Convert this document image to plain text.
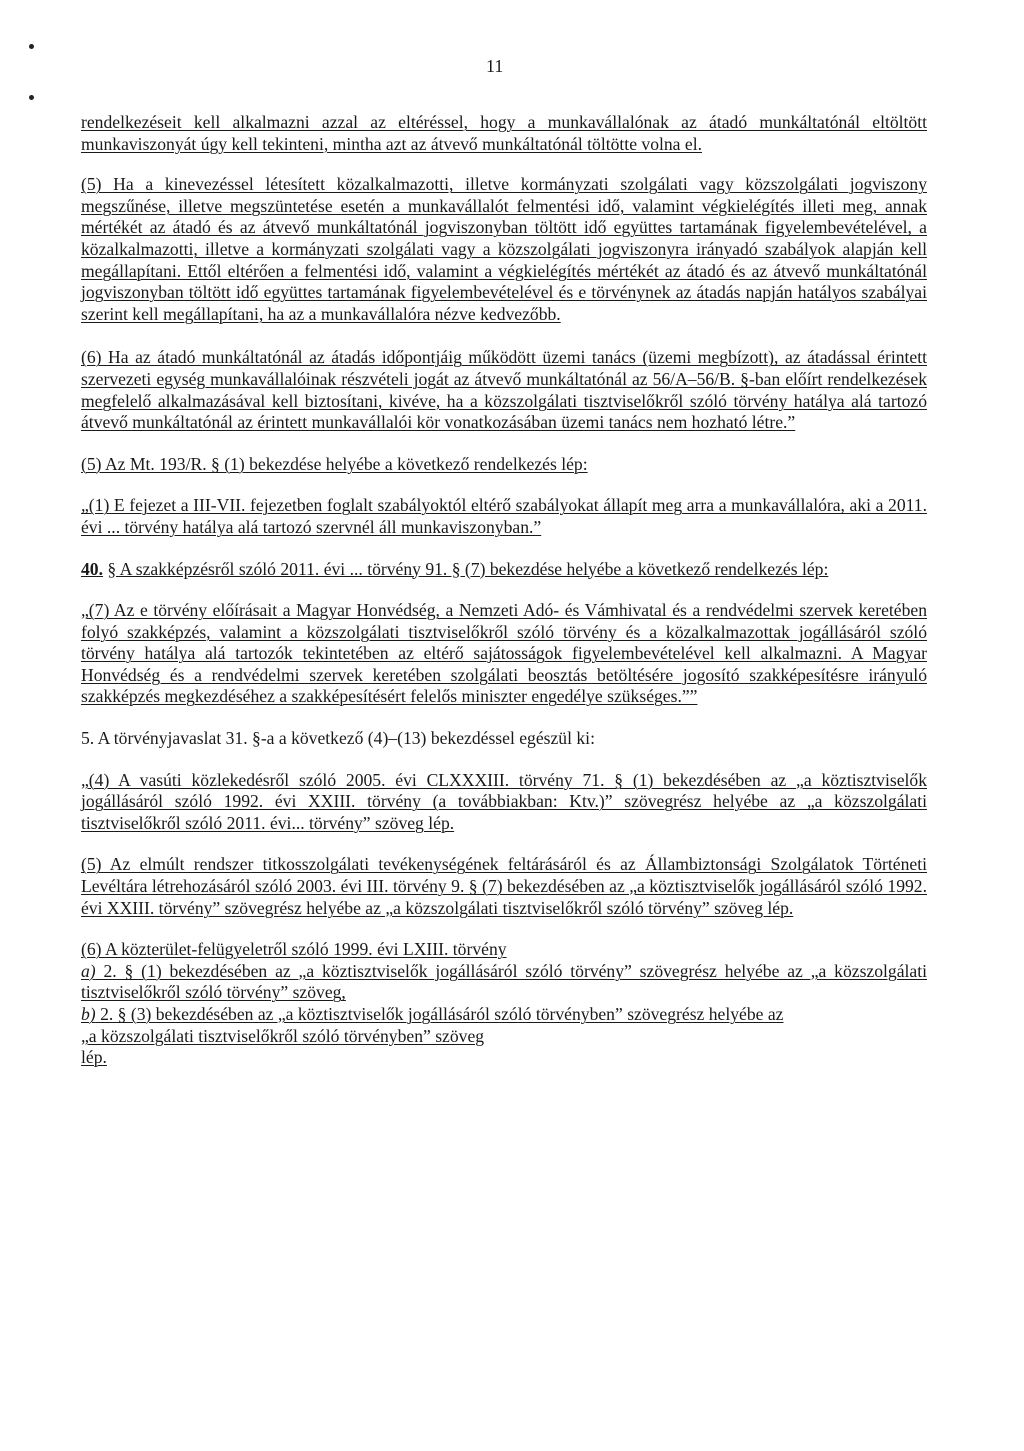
11

rendelkezéseit kell alkalmazni azzal az eltéréssel, hogy a munkavállalónak az átadó munkáltatónál eltöltött munkaviszonyát úgy kell tekinteni, mintha azt az átvevő munkáltatónál töltötte volna el.

(5) Ha a kinevezéssel létesített közalkalmazotti, illetve kormányzati szolgálati vagy közszolgálati jogviszony megszűnése, illetve megszüntetése esetén a munkavállalót felmentési idő, valamint végkielégítés illeti meg, annak mértékét az átadó és az átvevő munkáltatónál jogviszonyban töltött idő együttes tartamának figyelembevételével, a közalkalmazotti, illetve a kormányzati szolgálati vagy a közszolgálati jogviszonyra irányadó szabályok alapján kell megállapítani. Ettől eltérően a felmentési idő, valamint a végkielégítés mértékét az átadó és az átvevő munkáltatónál jogviszonyban töltött idő együttes tartamának figyelembevételével és e törvénynek az átadás napján hatályos szabályai szerint kell megállapítani, ha az a munkavállalóra nézve kedvezőbb.

(6) Ha az átadó munkáltatónál az átadás időpontjáig működött üzemi tanács (üzemi megbízott), az átadással érintett szervezeti egység munkavállalóinak részvételi jogát az átvevő munkáltatónál az 56/A–56/B. §-ban előírt rendelkezések megfelelő alkalmazásával kell biztosítani, kivéve, ha a közszolgálati tisztviselőkről szóló törvény hatálya alá tartozó átvevő munkáltatónál az érintett munkavállalói kör vonatkozásában üzemi tanács nem hozható létre.”

(5) Az Mt. 193/R. § (1) bekezdése helyébe a következő rendelkezés lép:

„(1) E fejezet a III-VII. fejezetben foglalt szabályoktól eltérő szabályokat állapít meg arra a munkavállalóra, aki a 2011. évi ... törvény hatálya alá tartozó szervnél áll munkaviszonyban.”

40. § A szakképzésről szóló 2011. évi ... törvény 91. § (7) bekezdése helyébe a következő rendelkezés lép:

„(7) Az e törvény előírásait a Magyar Honvédség, a Nemzeti Adó- és Vámhivatal és a rendvédelmi szervek keretében folyó szakképzés, valamint a közszolgálati tisztviselőkről szóló törvény és a közalkalmazottak jogállásáról szóló törvény hatálya alá tartozók tekintetében az eltérő sajátosságok figyelembevételével kell alkalmazni. A Magyar Honvédség és a rendvédelmi szervek keretében szolgálati beosztás betöltésére jogosító szakképesítésre irányuló szakképzés megkezdéséhez a szakképesítésért felelős miniszter engedélye szükséges.””

5. A törvényjavaslat 31. §-a a következő (4)–(13) bekezdéssel egészül ki:

„(4) A vasúti közlekedésről szóló 2005. évi CLXXXIII. törvény 71. § (1) bekezdésében az „a köztisztviselők jogállásáról szóló 1992. évi XXIII. törvény (a továbbiakban: Ktv.)” szövegrész helyébe az „a közszolgálati tisztviselőkről szóló 2011. évi... törvény” szöveg lép.

(5) Az elmúlt rendszer titkosszolgálati tevékenységének feltárásáról és az Állambiztonsági Szolgálatok Történeti Levéltára létrehozásáról szóló 2003. évi III. törvény 9. § (7) bekezdésében az „a köztisztviselők jogállásáról szóló 1992. évi XXIII. törvény” szövegrész helyébe az „a közszolgálati tisztviselőkről szóló törvény” szöveg lép.

(6) A közterület-felügyeletről szóló 1999. évi LXIII. törvény
a) 2. § (1) bekezdésében az „a köztisztviselők jogállásáról szóló törvény” szövegrész helyébe az „a közszolgálati tisztviselőkről szóló törvény” szöveg,
b) 2. § (3) bekezdésében az „a köztisztviselők jogállásáról szóló törvényben” szövegrész helyébe az
„a közszolgálati tisztviselőkről szóló törvényben” szöveg
lép.
